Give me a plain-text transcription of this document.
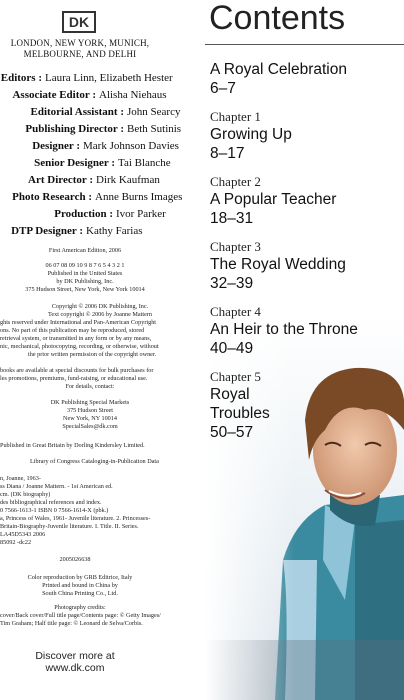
DK
LONDON, NEW YORK, MUNICH,
MELBOURNE, AND DELHI
Editors : Laura Linn, Elizabeth Hester
Associate Editor : Alisha Niehaus
Editorial Assistant : John Searcy
Publishing Director : Beth Sutinis
Designer : Mark Johnson Davies
Senior Designer : Tai Blanche
Art Director : Dirk Kaufman
Photo Research : Anne Burns Images
Production : Ivor Parker
DTP Designer : Kathy Farias
First American Edition, 2006
06 07 08 09 10 9 8 7 6 5 4 3 2 1
Published in the United States
by DK Publishing, Inc.
375 Hudson Street, New York, New York 10014
Copyright © 2006 DK Publishing, Inc.
Text copyright © 2006 by Joanne Mattern
ghts reserved under International and Pan-American Copyright
ons. No part of this publication may be reproduced, stored
retrieval system, or transmitted in any form or by any means,
nic, mechanical, photocopying, recording, or otherwise, without
the prior written permission of the copyright owner.
books are available at special discounts for bulk purchases for
les promotions, premiums, fund-raising, or educational use.
For details, contact:
DK Publishing Special Markets
375 Hudson Street
New York, NY 10014
SpecialSales@dk.com
Published in Great Britain by Dorling Kindersley Limited.
Library of Congress Cataloging-in-Publication Data
n, Joanne, 1963-
ss Diana / Joanne Mattern. - 1st American ed.
cm. (DK biography)
des bibliographical references and index.
0 7566-1613-1 ISBN 0 7566-1614-X (pbk.)
a, Princess of Wales, 1961- Juvenile literature. 2. Princesses-
Britain-Biography-Juvenile literature. I. Title. II. Series.
LA45D5343 2006
85092 -dc22
2005026638
Color reproduction by GRB Editrice, Italy
Printed and bound in China by
South China Printing Co., Ltd.
Photography credits:
cover/Back cover/Full title page/Contents page: © Getty Images/
Tim Graham; Half title page: © Leonard de Selva/Corbis.
Discover more at
www.dk.com
Contents
A Royal Celebration
6–7
Chapter 1
Growing Up
8–17
Chapter 2
A Popular Teacher
18–31
Chapter 3
The Royal Wedding
32–39
Chapter 4
An Heir to the Throne
40–49
Chapter 5
Royal
Troubles
50–57
